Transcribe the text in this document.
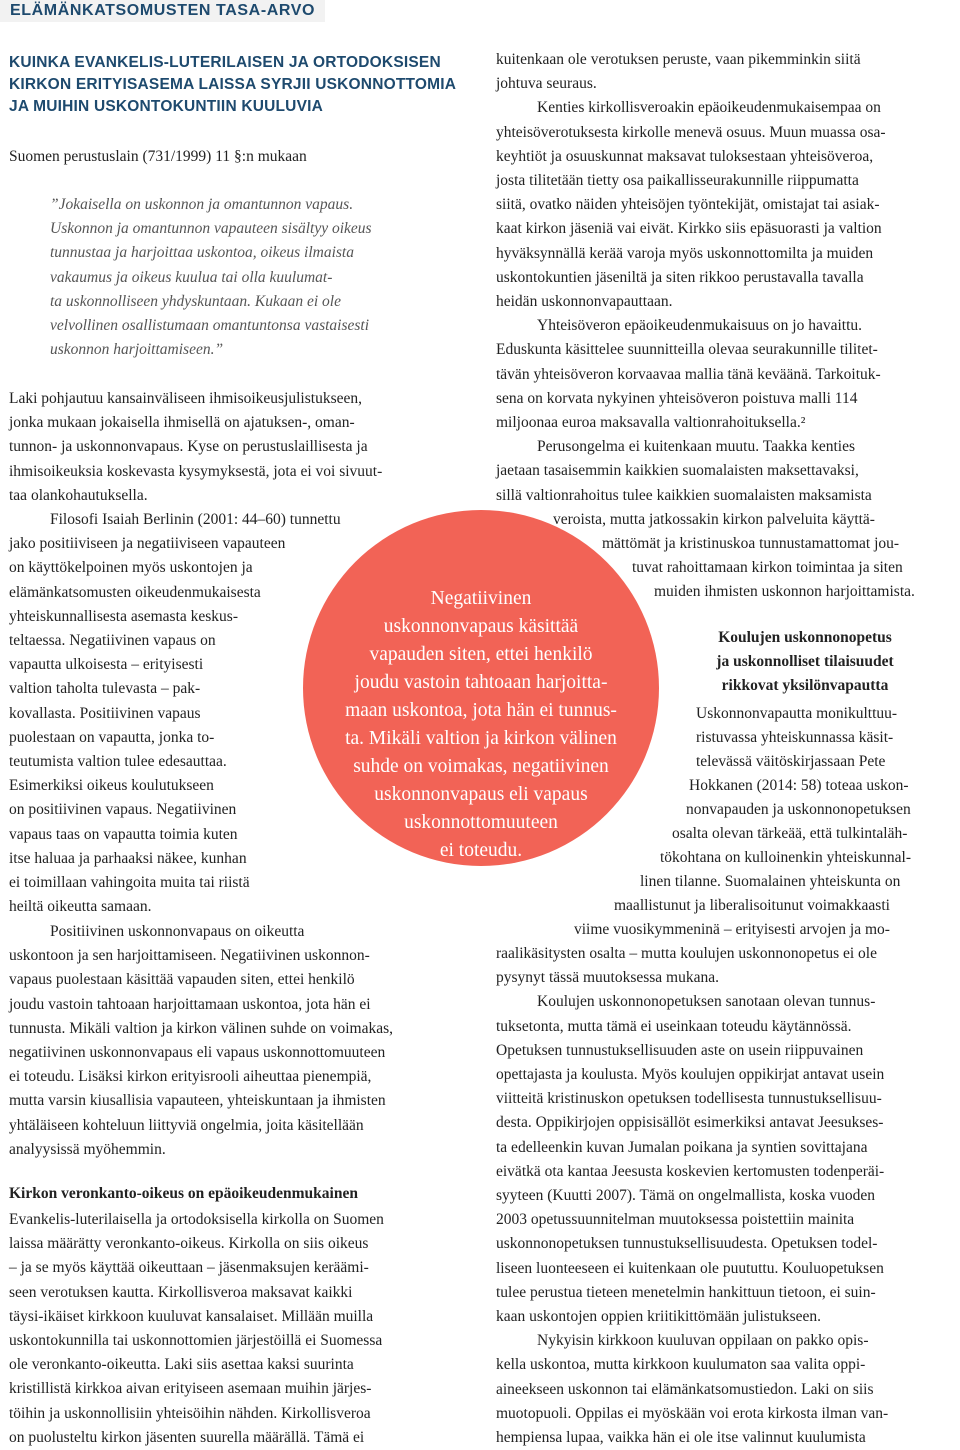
ELÄMÄNKATSOMUSTEN TASA-ARVO
KUINKA EVANKELIS-LUTERILAISEN JA ORTODOKSISEN
KIRKON ERITYISASEMA LAISSA SYRJII USKONNOTTOMIA
JA MUIHIN USKONTOKUNTIIN KUULUVIA
Suomen perustuslain (731/1999) 11 §:n mukaan
”Jokaisella on uskonnon ja omantunnon vapaus.
Uskonnon ja omantunnon vapauteen sisältyy oikeus
tunnustaa ja harjoittaa uskontoa, oikeus ilmaista
vakaumus ja oikeus kuulua tai olla kuulumat-
ta uskonnolliseen yhdyskuntaan. Kukaan ei ole
velvollinen osallistumaan omantuntonsa vastaisesti
uskonnon harjoittamiseen.”
Laki pohjautuu kansainväliseen ihmisoikeusjulistukseen,
jonka mukaan jokaisella ihmisellä on ajatuksen-, oman-
tunnon- ja uskonnonvapaus. Kyse on perustuslaillisesta ja
ihmisoikeuksia koskevasta kysymyksestä, jota ei voi sivuut-
taa olankohautuksella.
Filosofi Isaiah Berlinin (2001: 44–60) tunnettu
jako positiiviseen ja negatiiviseen vapauteen
on käyttökelpoinen myös uskontojen ja
elämänkatsomusten oikeudenmukaisesta
yhteiskunnallisesta asemasta keskus-
teltaessa. Negatiivinen vapaus on
vapautta ulkoisesta – erityisesti
valtion taholta tulevasta – pak-
kovallasta. Positiivinen vapaus
puolestaan on vapautta, jonka to-
teutumista valtion tulee edesauttaa.
Esimerkiksi oikeus koulutukseen
on positiivinen vapaus. Negatiivinen
vapaus taas on vapautta toimia kuten
itse haluaa ja parhaaksi näkee, kunhan
ei toimillaan vahingoita muita tai riistä
heiltä oikeutta samaan.
Positiivinen uskonnonvapaus on oikeutta
uskontoon ja sen harjoittamiseen. Negatiivinen uskonnon-
vapaus puolestaan käsittää vapauden siten, ettei henkilö
joudu vastoin tahtoaan harjoittamaan uskontoa, jota hän ei
tunnusta. Mikäli valtion ja kirkon välinen suhde on voimakas,
negatiivinen uskonnonvapaus eli vapaus uskonnottomuuteen
ei toteudu. Lisäksi kirkon erityisrooli aiheuttaa pienempiä,
mutta varsin kiusallisia vapauteen, yhteiskuntaan ja ihmisten
yhtäläiseen kohteluun liittyviä ongelmia, joita käsitellään
analyysissä myöhemmin.
Kirkon veronkanto-oikeus on epäoikeudenmukainen
Evankelis-luterilaisella ja ortodoksisella kirkolla on Suomen
laissa määrätty veronkanto-oikeus. Kirkolla on siis oikeus
– ja se myös käyttää oikeuttaan – jäsenmaksujen keräämi-
seen verotuksen kautta. Kirkollisveroa maksavat kaikki
täysi-ikäiset kirkkoon kuuluvat kansalaiset. Millään muilla
uskontokunnilla tai uskonnottomien järjestöillä ei Suomessa
ole veronkanto-oikeutta. Laki siis asettaa kaksi suurinta
kristillistä kirkkoa aivan erityiseen asemaan muihin järjes-
töihin ja uskonnollisiin yhteisöihin nähden. Kirkollisveroa
on puolusteltu kirkon jäsenten suurella määrällä. Tämä ei
Negatiivinen
uskonnonvapaus käsittää
vapauden siten, ettei henkilö
joudu vastoin tahtoaan harjoitta-
maan uskontoa, jota hän ei tunnus-
ta. Mikäli valtion ja kirkon välinen
suhde on voimakas, negatiivinen
uskonnonvapaus eli vapaus
uskonnottomuuteen
ei toteudu.
kuitenkaan ole verotuksen peruste, vaan pikemminkin siitä
johtuva seuraus.
Kenties kirkollisveroakin epäoikeudenmukaisempaa on
yhteisöverotuksesta kirkolle menevä osuus. Muun muassa osa-
keyhtiöt ja osuuskunnat maksavat tuloksestaan yhteisöveroa,
josta tilitetään tietty osa paikallisseurakunnille riippumatta
siitä, ovatko näiden yhteisöjen työntekijät, omistajat tai asiak-
kaat kirkon jäseniä vai eivät. Kirkko siis epäsuorasti ja valtion
hyväksynnällä kerää varoja myös uskonnottomilta ja muiden
uskontokuntien jäseniltä ja siten rikkoo perustavalla tavalla
heidän uskonnonvapauttaan.
Yhteisöveron epäoikeudenmukaisuus on jo havaittu.
Eduskunta käsittelee suunnitteilla olevaa seurakunnille tilitet-
tävän yhteisöveron korvaavaa mallia tänä keväänä. Tarkoituk-
sena on korvata nykyinen yhteisöveron poistuva malli 114
miljoonaa euroa maksavalla valtionrahoituksella.²
Perusongelma ei kuitenkaan muutu. Taakka kenties
jaetaan tasaisemmin kaikkien suomalaisten maksettavaksi,
sillä valtionrahoitus tulee kaikkien suomalaisten maksamista
veroista, mutta jatkossakin kirkon palveluita käyttä-
mättömät ja kristinuskoa tunnustamattomat jou-
tuvat rahoittamaan kirkon toimintaa ja siten
muiden ihmisten uskonnon harjoittamista.
Koulujen uskonnonopetus
ja uskonnolliset tilaisuudet
rikkovat yksilönvapautta
Uskonnonvapautta monikulttuu-
ristuvassa yhteiskunnassa käsit-
televässä väitöskirjassaan Pete
Hokkanen (2014: 58) toteaa uskon-
nonvapauden ja uskonnonopetuksen
osalta olevan tärkeää, että tulkintaläh-
tökohtana on kulloinenkin yhteiskunnal-
linen tilanne. Suomalainen yhteiskunta on
maallistunut ja liberalisoitunut voimakkaasti
viime vuosikymmeninä – erityisesti arvojen ja mo-
raalikäsitysten osalta – mutta koulujen uskonnonopetus ei ole
pysynyt tässä muutoksessa mukana.
Koulujen uskonnonopetuksen sanotaan olevan tunnus-
tuksetonta, mutta tämä ei useinkaan toteudu käytännössä.
Opetuksen tunnustuksellisuuden aste on usein riippuvainen
opettajasta ja koulusta. Myös koulujen oppikirjat antavat usein
viitteitä kristinuskon opetuksen todellisesta tunnustuksellisuu-
desta. Oppikirjojen oppisisällöt esimerkiksi antavat Jeesukses-
ta edelleenkin kuvan Jumalan poikana ja syntien sovittajana
eivätkä ota kantaa Jeesusta koskevien kertomusten todenperäi-
syyteen (Kuutti 2007). Tämä on ongelmallista, koska vuoden
2003 opetussuunnitelman muutoksessa poistettiin mainita
uskonnonopetuksen tunnustuksellisuudesta. Opetuksen todel-
liseen luonteeseen ei kuitenkaan ole puututtu. Kouluopetuksen
tulee perustua tieteen menetelmin hankittuun tietoon, ei suin-
kaan uskontojen oppien kriitikittömään julistukseen.
Nykyisin kirkkoon kuuluvan oppilaan on pakko opis-
kella uskontoa, mutta kirkkoon kuulumaton saa valita oppi-
aineekseen uskonnon tai elämänkatsomustiedon. Laki on siis
muotopuoli. Oppilas ei myöskään voi erota kirkosta ilman van-
hempiensa lupaa, vaikka hän ei ole itse valinnut kuulumista
